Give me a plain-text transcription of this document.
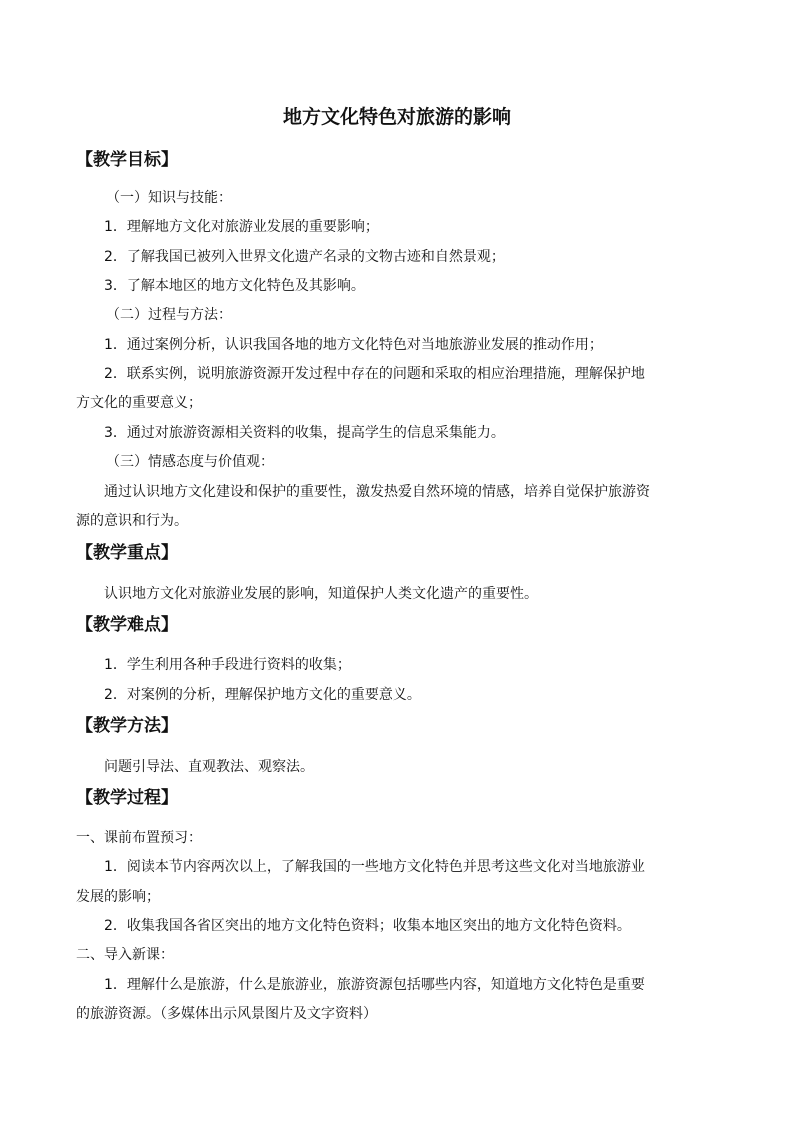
地方文化特色对旅游的影响
【教学目标】

（一）知识与技能：

1．理解地方文化对旅游业发展的重要影响；

2．了解我国已被列入世界文化遗产名录的文物古迹和自然景观；

3．了解本地区的地方文化特色及其影响。

（二）过程与方法：

1．通过案例分析，认识我国各地的地方文化特色对当地旅游业发展的推动作用；

2．联系实例，说明旅游资源开发过程中存在的问题和采取的相应治理措施，理解保护地

方文化的重要意义；

3．通过对旅游资源相关资料的收集，提高学生的信息采集能力。

（三）情感态度与价值观：

通过认识地方文化建设和保护的重要性，激发热爱自然环境的情感，培养自觉保护旅游资

源的意识和行为。

【教学重点】

认识地方文化对旅游业发展的影响，知道保护人类文化遗产的重要性。

【教学难点】

1．学生利用各种手段进行资料的收集；

2．对案例的分析，理解保护地方文化的重要意义。

【教学方法】

问题引导法、直观教法、观察法。

【教学过程】

一、课前布置预习：

1．阅读本节内容两次以上，了解我国的一些地方文化特色并思考这些文化对当地旅游业

发展的影响；

2．收集我国各省区突出的地方文化特色资料；收集本地区突出的地方文化特色资料。

二、导入新课：

1．理解什么是旅游，什么是旅游业，旅游资源包括哪些内容，知道地方文化特色是重要

的旅游资源。（多媒体出示风景图片及文字资料）
